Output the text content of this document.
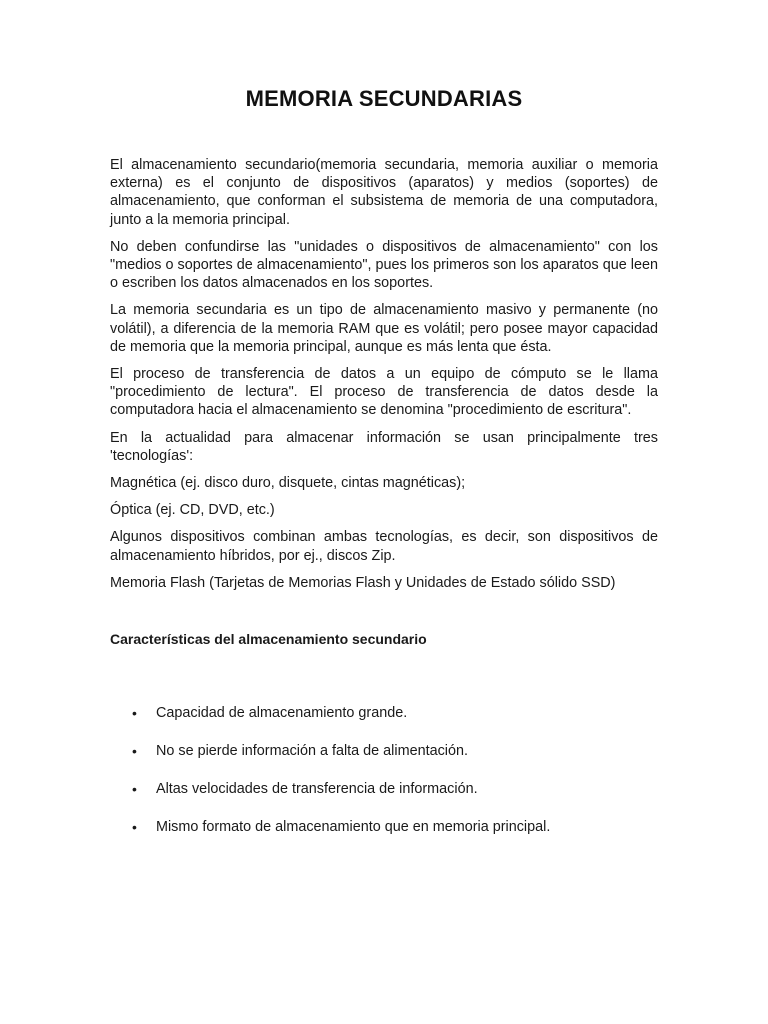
MEMORIA SECUNDARIAS

El almacenamiento secundario(memoria secundaria, memoria auxiliar o memoria externa) es el conjunto de dispositivos (aparatos) y medios (soportes) de almacenamiento, que conforman el subsistema de memoria de una computadora, junto a la memoria principal.

No deben confundirse las "unidades o dispositivos de almacenamiento" con los "medios o soportes de almacenamiento", pues los primeros son los aparatos que leen o escriben los datos almacenados en los soportes.

La memoria secundaria es un tipo de almacenamiento masivo y permanente (no volátil), a diferencia de la memoria RAM que es volátil; pero posee mayor capacidad de memoria que la memoria principal, aunque es más lenta que ésta.

El proceso de transferencia de datos a un equipo de cómputo se le llama "procedimiento de lectura". El proceso de transferencia de datos desde la computadora hacia el almacenamiento se denomina "procedimiento de escritura".

En la actualidad para almacenar información se usan principalmente tres 'tecnologías':

Magnética (ej. disco duro, disquete, cintas magnéticas);

Óptica (ej. CD, DVD, etc.)

Algunos dispositivos combinan ambas tecnologías, es decir, son dispositivos de almacenamiento híbridos, por ej., discos Zip.

Memoria Flash (Tarjetas de Memorias Flash y Unidades de Estado sólido SSD)

Características del almacenamiento secundario
• Capacidad de almacenamiento grande.
• No se pierde información a falta de alimentación.
• Altas velocidades de transferencia de información.
• Mismo formato de almacenamiento que en memoria principal.
